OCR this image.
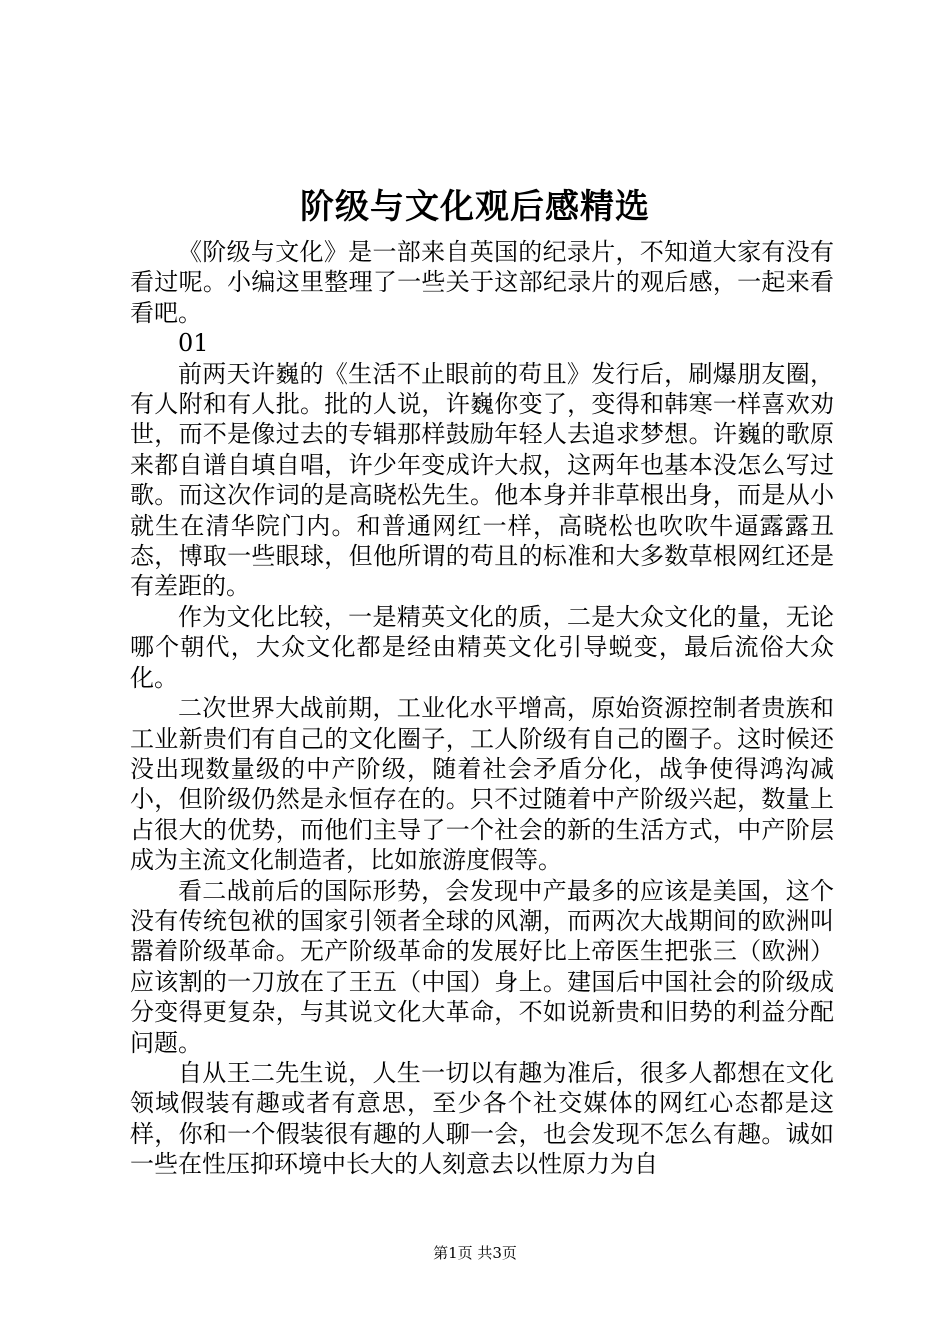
阶级与文化观后感精选

《阶级与文化》是一部来自英国的纪录片，不知道大家有没有看过呢。小编这里整理了一些关于这部纪录片的观后感，一起来看看吧。

01

前两天许巍的《生活不止眼前的苟且》发行后，刷爆朋友圈，有人附和有人批。批的人说，许巍你变了，变得和韩寒一样喜欢劝世，而不是像过去的专辑那样鼓励年轻人去追求梦想。许巍的歌原来都自谱自填自唱，许少年变成许大叔，这两年也基本没怎么写过歌。而这次作词的是高晓松先生。他本身并非草根出身，而是从小就生在清华院门内。和普通网红一样，高晓松也吹吹牛逼露露丑态，博取一些眼球，但他所谓的苟且的标准和大多数草根网红还是有差距的。

作为文化比较，一是精英文化的质，二是大众文化的量，无论哪个朝代，大众文化都是经由精英文化引导蜕变，最后流俗大众化。

二次世界大战前期，工业化水平增高，原始资源控制者贵族和工业新贵们有自己的文化圈子，工人阶级有自己的圈子。这时候还没出现数量级的中产阶级，随着社会矛盾分化，战争使得鸿沟减小，但阶级仍然是永恒存在的。只不过随着中产阶级兴起，数量上占很大的优势，而他们主导了一个社会的新的生活方式，中产阶层成为主流文化制造者，比如旅游度假等。

看二战前后的国际形势，会发现中产最多的应该是美国，这个没有传统包袱的国家引领者全球的风潮，而两次大战期间的欧洲叫嚣着阶级革命。无产阶级革命的发展好比上帝医生把张三（欧洲）应该割的一刀放在了王五（中国）身上。建国后中国社会的阶级成分变得更复杂，与其说文化大革命，不如说新贵和旧势的利益分配问题。

自从王二先生说，人生一切以有趣为准后，很多人都想在文化领域假装有趣或者有意思，至少各个社交媒体的网红心态都是这样，你和一个假装很有趣的人聊一会，也会发现不怎么有趣。诚如一些在性压抑环境中长大的人刻意去以性原力为自

第1页 共3页
